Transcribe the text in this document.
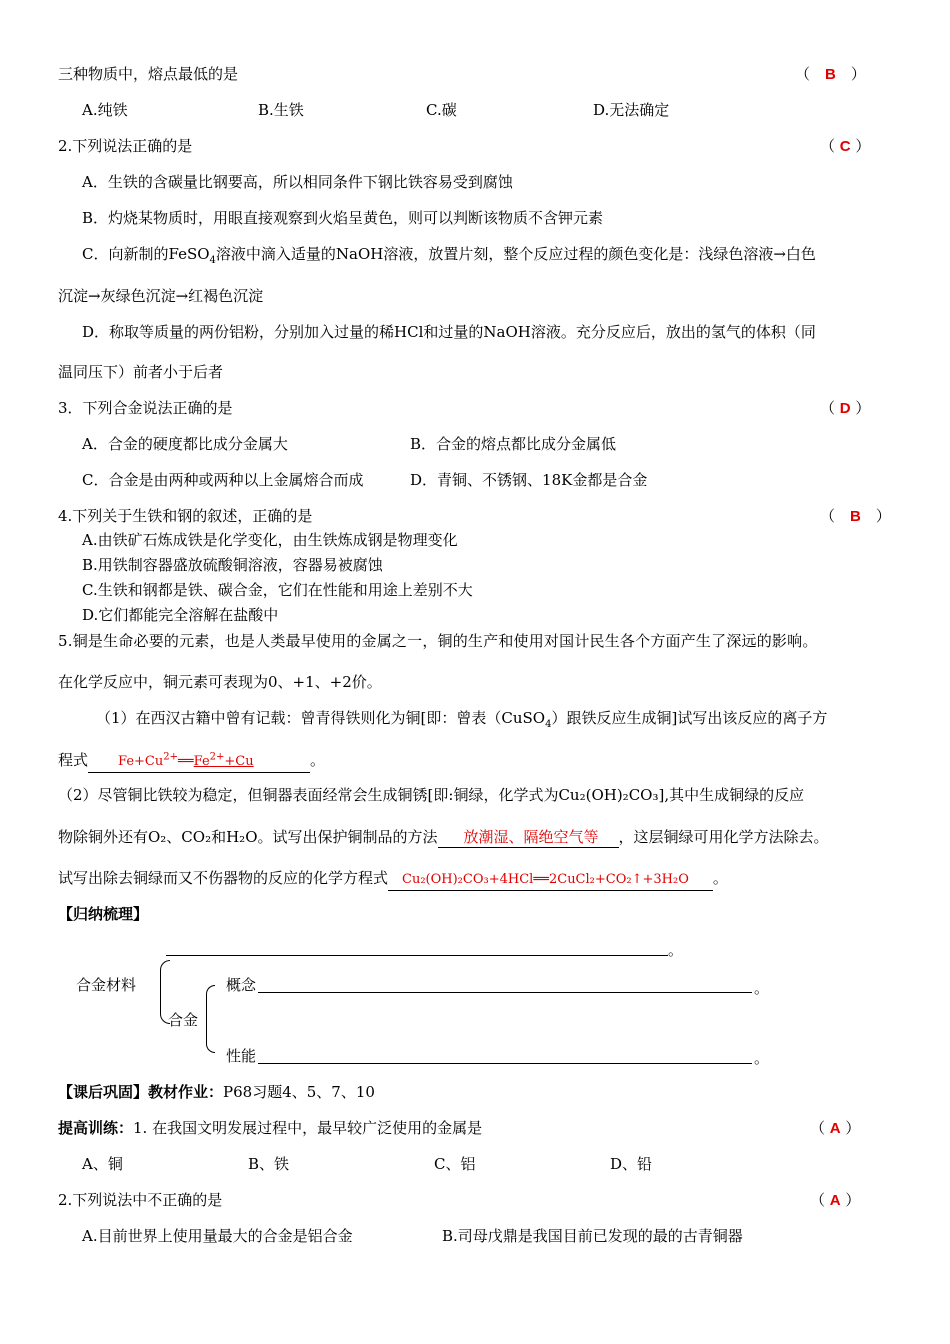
三种物质中，熔点最低的是	（　B　）
A.纯铁	B.生铁	C.碳	D.无法确定
2.下列说法正确的是	（ C ）
A．生铁的含碳量比钢要高，所以相同条件下钢比铁容易受到腐蚀
B．灼烧某物质时，用眼直接观察到火焰呈黄色，则可以判断该物质不含钾元素
C．向新制的FeSO$_4$溶液中滴入适量的NaOH溶液，放置片刻，整个反应过程的颜色变化是：浅绿色溶液→白色
沉淀→灰绿色沉淀→红褐色沉淀
D．称取等质量的两份铝粉，分别加入过量的稀HCl和过量的NaOH溶液。充分反应后，放出的氢气的体积（同
温同压下）前者小于后者
3．下列合金说法正确的是	（ D ）
A．合金的硬度都比成分金属大	B．合金的熔点都比成分金属低
C．合金是由两种或两种以上金属熔合而成	D．青铜、不锈钢、18K金都是合金
4.下列关于生铁和钢的叙述，正确的是	（　B　）
A.由铁矿石炼成铁是化学变化，由生铁炼成钢是物理变化
B.用铁制容器盛放硫酸铜溶液，容器易被腐蚀
C.生铁和钢都是铁、碳合金，它们在性能和用途上差别不大
D.它们都能完全溶解在盐酸中
5.铜是生命必要的元素，也是人类最早使用的金属之一，铜的生产和使用对国计民生各个方面产生了深远的影响。
在化学反应中，铜元素可表现为0、+1、+2价。
（1）在西汉古籍中曾有记载：曾青得铁则化为铜[即：曾表（CuSO$_4$）跟铁反应生成铜]试写出该反应的离子方
程式 $Fe+Cu^{2+}══Fe^{2+}+Cu$	。
（2）尽管铜比铁较为稳定，但铜器表面经常会生成铜锈[即:铜绿，化学式为Cu₂(OH)₂CO₃],其中生成铜绿的反应
物除铜外还有O₂、CO₂和H₂O。试写出保护铜制品的方法 放潮湿、隔绝空气等 ，这层铜绿可用化学方法除去。
试写出除去铜绿而又不伤器物的反应的化学方程式 Cu₂(OH)₂CO₃+4HCl══2CuCl₂+CO₂↑+3H₂O 。
【归纳梳理】
。
合金材料
合金
概念	。
性能	。
【课后巩固】教材作业：P68习题4、5、7、10
提高训练：1. 在我国文明发展过程中，最早较广泛使用的金属是	（ A ）
A、铜	B、铁	C、铝	D、铅
2.下列说法中不正确的是	（ A ）
A.目前世界上使用量最大的合金是铝合金	B.司母戊鼎是我国目前已发现的最的古青铜器
